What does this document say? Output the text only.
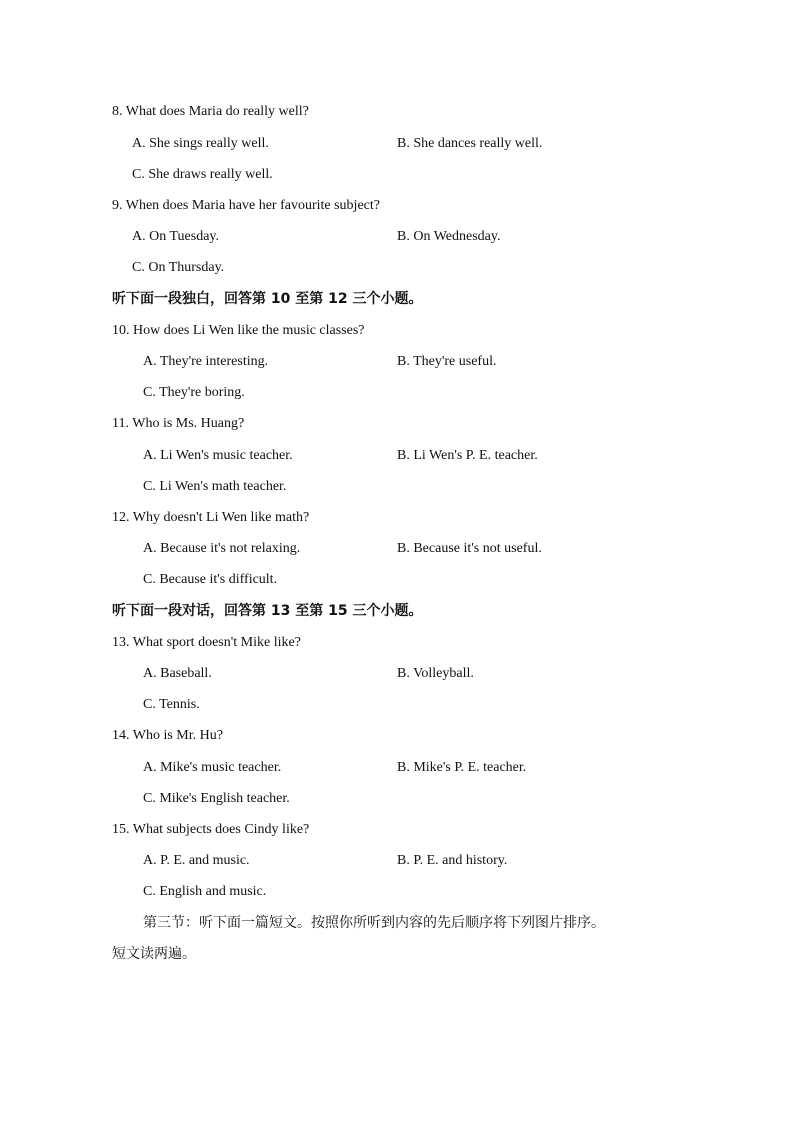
8. What does Maria do really well?
A. She sings really well.	B. She dances really well.
C. She draws really well.
9. When does Maria have her favourite subject?
A. On Tuesday.	B. On Wednesday.
C. On Thursday.
听下面一段独白，回答第 10 至第 12 三个小题。
10. How does Li Wen like the music classes?
A. They're interesting.	B. They're useful.
C. They're boring.
11. Who is Ms. Huang?
A. Li Wen's music teacher.	B. Li Wen's P. E. teacher.
C. Li Wen's math teacher.
12. Why doesn't Li Wen like math?
A. Because it's not relaxing.	B. Because it's not useful.
C. Because it's difficult.
听下面一段对话，回答第 13 至第 15 三个小题。
13. What sport doesn't Mike like?
A. Baseball.	B. Volleyball.
C. Tennis.
14. Who is Mr. Hu?
A. Mike's music teacher.	B. Mike's P. E. teacher.
C. Mike's English teacher.
15. What subjects does Cindy like?
A. P. E. and music.	B. P. E. and history.
C. English and music.
第三节：听下面一篇短文。按照你所听到内容的先后顺序将下列图片排序。
短文读两遍。
